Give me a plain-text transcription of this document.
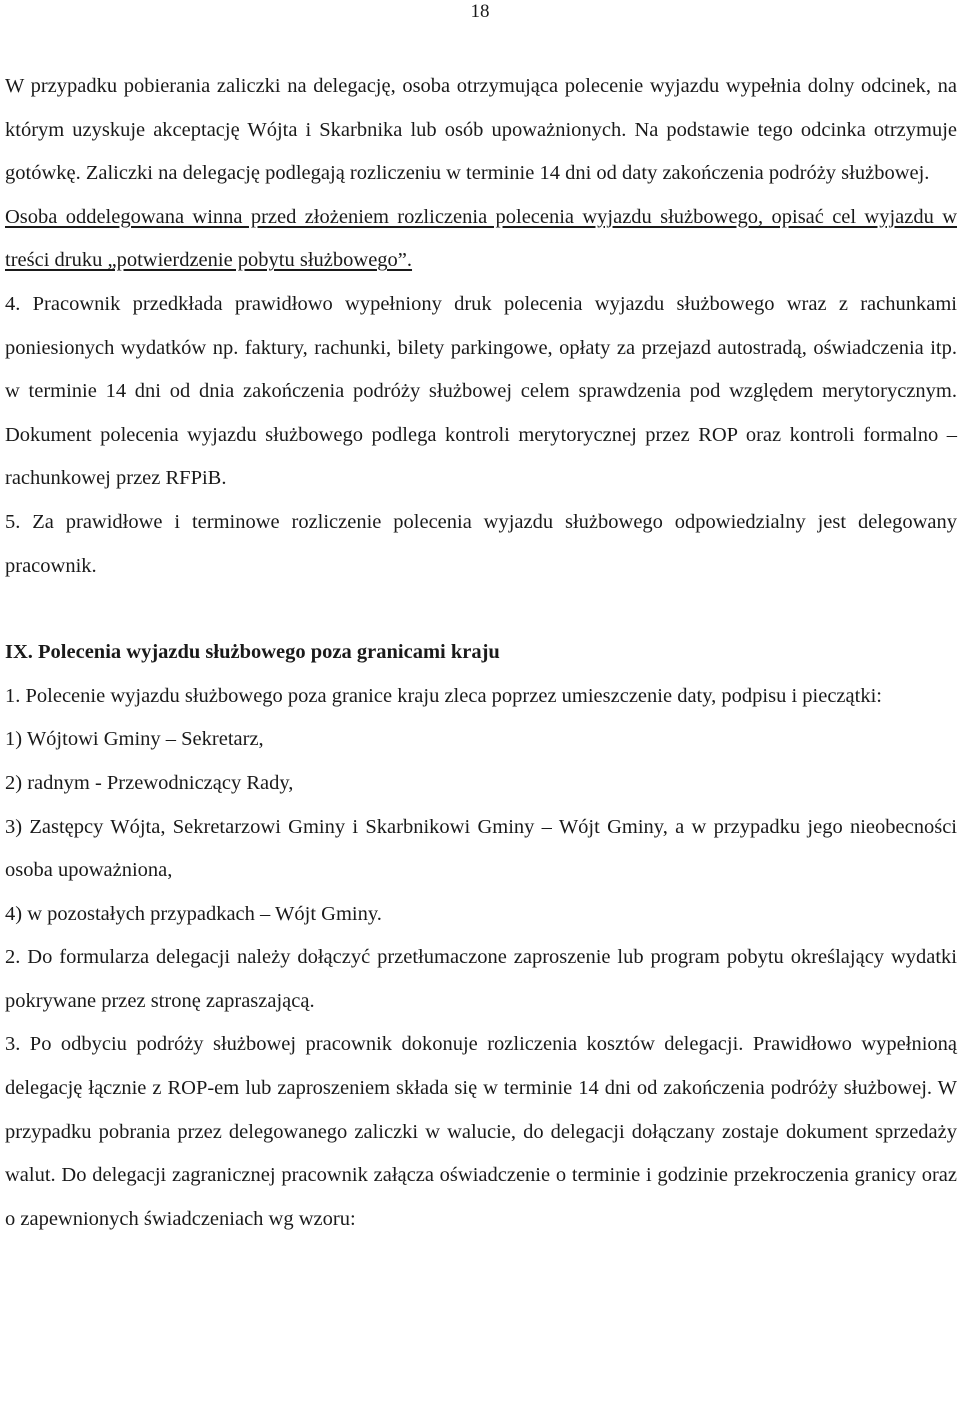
18

W przypadku pobierania zaliczki na delegację, osoba otrzymująca polecenie wyjazdu wypełnia dolny odcinek, na którym uzyskuje akceptację Wójta i Skarbnika lub osób upoważnionych. Na podstawie tego odcinka otrzymuje gotówkę. Zaliczki na delegację podlegają rozliczeniu w terminie 14 dni od daty zakończenia podróży służbowej.

Osoba oddelegowana winna przed złożeniem rozliczenia polecenia wyjazdu służbowego, opisać cel wyjazdu w treści druku „potwierdzenie pobytu służbowego”.

4. Pracownik przedkłada prawidłowo wypełniony druk polecenia wyjazdu służbowego wraz z rachunkami poniesionych wydatków np. faktury, rachunki, bilety parkingowe, opłaty za przejazd autostradą, oświadczenia itp. w terminie 14 dni od dnia zakończenia podróży służbowej celem sprawdzenia pod względem merytorycznym. Dokument polecenia wyjazdu służbowego podlega kontroli merytorycznej przez ROP oraz kontroli formalno – rachunkowej przez RFPiB.

5. Za prawidłowe i terminowe rozliczenie polecenia wyjazdu służbowego odpowiedzialny jest delegowany pracownik.

IX. Polecenia wyjazdu służbowego poza granicami kraju

1. Polecenie wyjazdu służbowego poza granice kraju zleca poprzez umieszczenie daty, podpisu i pieczątki:

1) Wójtowi Gminy – Sekretarz,

2) radnym - Przewodniczący Rady,

3) Zastępcy Wójta, Sekretarzowi Gminy i Skarbnikowi Gminy – Wójt Gminy, a w przypadku jego nieobecności osoba upoważniona,

4) w pozostałych przypadkach – Wójt Gminy.

2. Do formularza delegacji należy dołączyć przetłumaczone zaproszenie lub program pobytu określający wydatki pokrywane przez stronę zapraszającą.

3. Po odbyciu podróży służbowej pracownik dokonuje rozliczenia kosztów delegacji. Prawidłowo wypełnioną delegację łącznie z ROP-em lub zaproszeniem składa się w terminie 14 dni od zakończenia podróży służbowej. W przypadku pobrania przez delegowanego zaliczki w walucie, do delegacji dołączany zostaje dokument sprzedaży walut. Do delegacji zagranicznej pracownik załącza oświadczenie o terminie i godzinie przekroczenia granicy oraz o zapewnionych świadczeniach wg wzoru:
